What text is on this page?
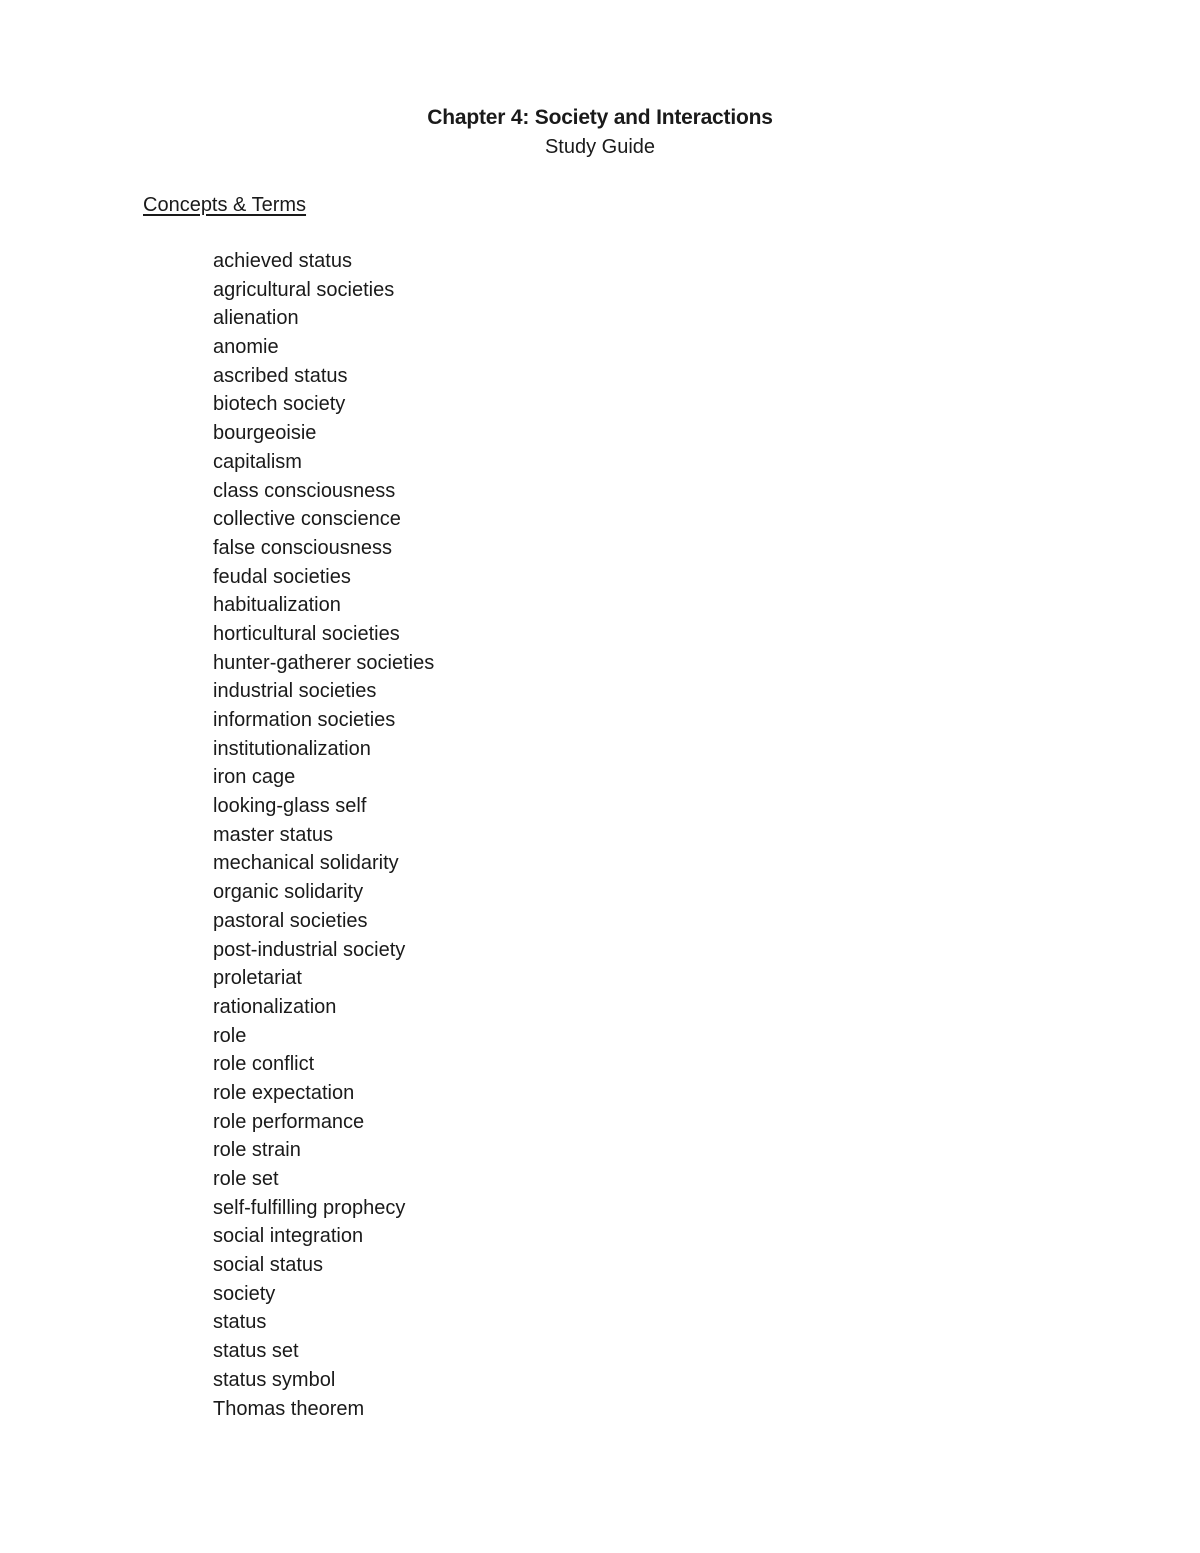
Chapter 4: Society and Interactions
Study Guide
Concepts & Terms
achieved status
agricultural societies
alienation
anomie
ascribed status
biotech society
bourgeoisie
capitalism
class consciousness
collective conscience
false consciousness
feudal societies
habitualization
horticultural societies
hunter-gatherer societies
industrial societies
information societies
institutionalization
iron cage
looking-glass self
master status
mechanical solidarity
organic solidarity
pastoral societies
post-industrial society
proletariat
rationalization
role
role conflict
role expectation
role performance
role strain
role set
self-fulfilling prophecy
social integration
social status
society
status
status set
status symbol
Thomas theorem
